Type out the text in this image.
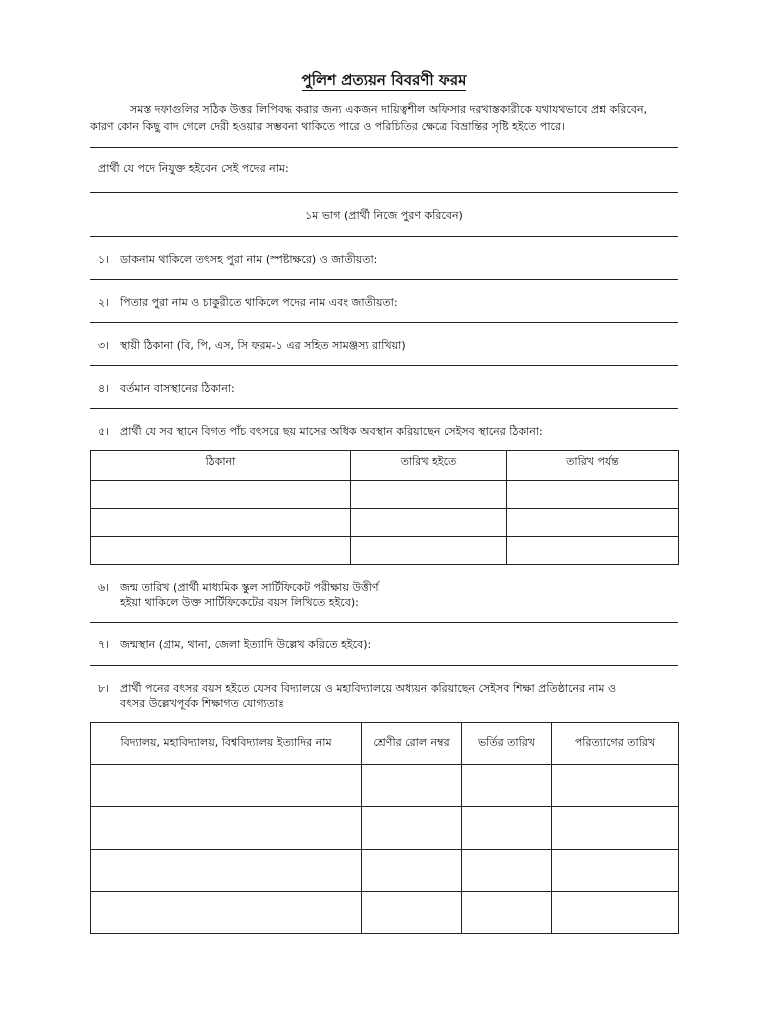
পুলিশ প্রত্যয়ন বিবরণী ফরম
সমস্ত দফাগুলির সঠিক উত্তর লিপিবদ্ধ করার জন্য একজন দায়িত্বশীল অফিসার দরখাস্তকারীকে যথাযথভাবে প্রশ্ন করিবেন,
কারণ কোন কিছু বাদ গেলে দেরী হওয়ার সম্ভবনা থাকিতে পারে ও পরিচিতির ক্ষেত্রে বিভ্রান্তির সৃষ্টি হইতে পারে।
প্রার্থী যে পদে নিযুক্ত হইবেন সেই পদের নাম:
১ম ভাগ (প্রার্থী নিজে পুরণ করিবেন)
১। ডাকনাম থাকিলে তৎসহ পুরা নাম (স্পষ্টাক্ষরে) ও জাতীয়তা:
২। পিতার পুরা নাম ও চাকুরীতে থাকিলে পদের নাম এবং জাতীয়তা:
৩। স্থায়ী ঠিকানা (বি, পি, এস, সি ফরম-১ এর সহিত সামঞ্জস্য রাখিয়া)
৪। বর্তমান বাসস্থানের ঠিকানা:
৫। প্রার্থী যে সব স্থানে বিগত পাঁচ বৎসরে ছয় মাসের অধিক অবস্থান করিয়াছেন সেইসব স্থানের ঠিকানা:
ঠিকানা	তারিখ হইতে	তারিখ পর্যন্ত

৬। জন্ম তারিখ (প্রার্থী মাধ্যমিক স্কুল সার্টিফিকেট পরীক্ষায় উত্তীর্ণ
হইয়া থাকিলে উক্ত সার্টিফিকেটের বয়স লিখিতে হইবে):
৭। জন্মস্থান (গ্রাম, থানা, জেলা ইত্যাদি উল্লেখ করিতে হইবে):
৮। প্রার্থী পনের বৎসর বয়স হইতে যেসব বিদ্যালয়ে ও মহাবিদ্যালয়ে অধ্যয়ন করিয়াছেন সেইসব শিক্ষা প্রতিষ্ঠানের নাম ও
বৎসর উল্লেখপূর্বক শিক্ষাগত যোগ্যতাঃ
বিদ্যালয়, মহাবিদ্যালয়, বিশ্ববিদ্যালয় ইত্যাদির নাম	শ্রেণীর রোল নম্বর	ভর্তির তারিখ	পরিত্যাগের তারিখ
